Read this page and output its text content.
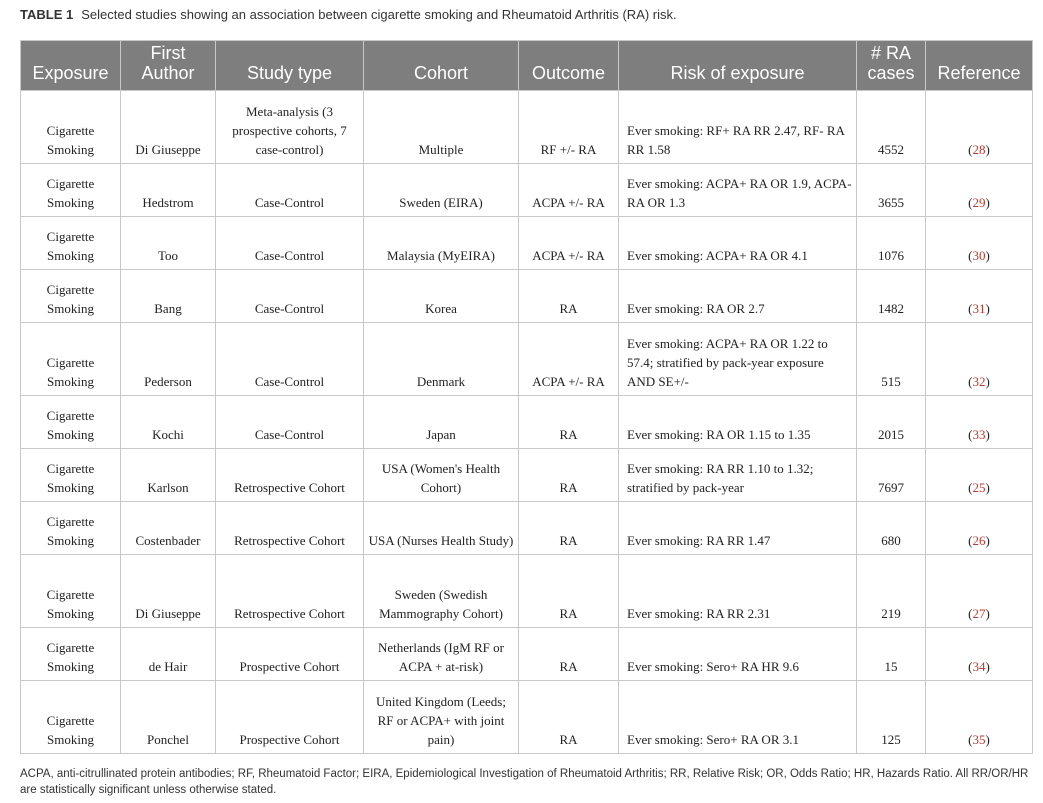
TABLE 1 Selected studies showing an association between cigarette smoking and Rheumatoid Arthritis (RA) risk.
Exposure	First Author	Study type	Cohort	Outcome	Risk of exposure	# RA cases	Reference
Cigarette Smoking	Di Giuseppe	Meta-analysis (3 prospective cohorts, 7 case-control)	Multiple	RF +/- RA	Ever smoking: RF+ RA RR 2.47, RF- RA RR 1.58	4552	(28)
Cigarette Smoking	Hedstrom	Case-Control	Sweden (EIRA)	ACPA +/- RA	Ever smoking: ACPA+ RA OR 1.9, ACPA- RA OR 1.3	3655	(29)
Cigarette Smoking	Too	Case-Control	Malaysia (MyEIRA)	ACPA +/- RA	Ever smoking: ACPA+ RA OR 4.1	1076	(30)
Cigarette Smoking	Bang	Case-Control	Korea	RA	Ever smoking: RA OR 2.7	1482	(31)
Cigarette Smoking	Pederson	Case-Control	Denmark	ACPA +/- RA	Ever smoking: ACPA+ RA OR 1.22 to 57.4; stratified by pack-year exposure AND SE+/-	515	(32)
Cigarette Smoking	Kochi	Case-Control	Japan	RA	Ever smoking: RA OR 1.15 to 1.35	2015	(33)
Cigarette Smoking	Karlson	Retrospective Cohort	USA (Women's Health Cohort)	RA	Ever smoking: RA RR 1.10 to 1.32; stratified by pack-year	7697	(25)
Cigarette Smoking	Costenbader	Retrospective Cohort	USA (Nurses Health Study)	RA	Ever smoking: RA RR 1.47	680	(26)
Cigarette Smoking	Di Giuseppe	Retrospective Cohort	Sweden (Swedish Mammography Cohort)	RA	Ever smoking: RA RR 2.31	219	(27)
Cigarette Smoking	de Hair	Prospective Cohort	Netherlands (IgM RF or ACPA + at-risk)	RA	Ever smoking: Sero+ RA HR 9.6	15	(34)
Cigarette Smoking	Ponchel	Prospective Cohort	United Kingdom (Leeds; RF or ACPA+ with joint pain)	RA	Ever smoking: Sero+ RA OR 3.1	125	(35)
ACPA, anti-citrullinated protein antibodies; RF, Rheumatoid Factor; EIRA, Epidemiological Investigation of Rheumatoid Arthritis; RR, Relative Risk; OR, Odds Ratio; HR, Hazards Ratio. All RR/OR/HR are statistically significant unless otherwise stated.
